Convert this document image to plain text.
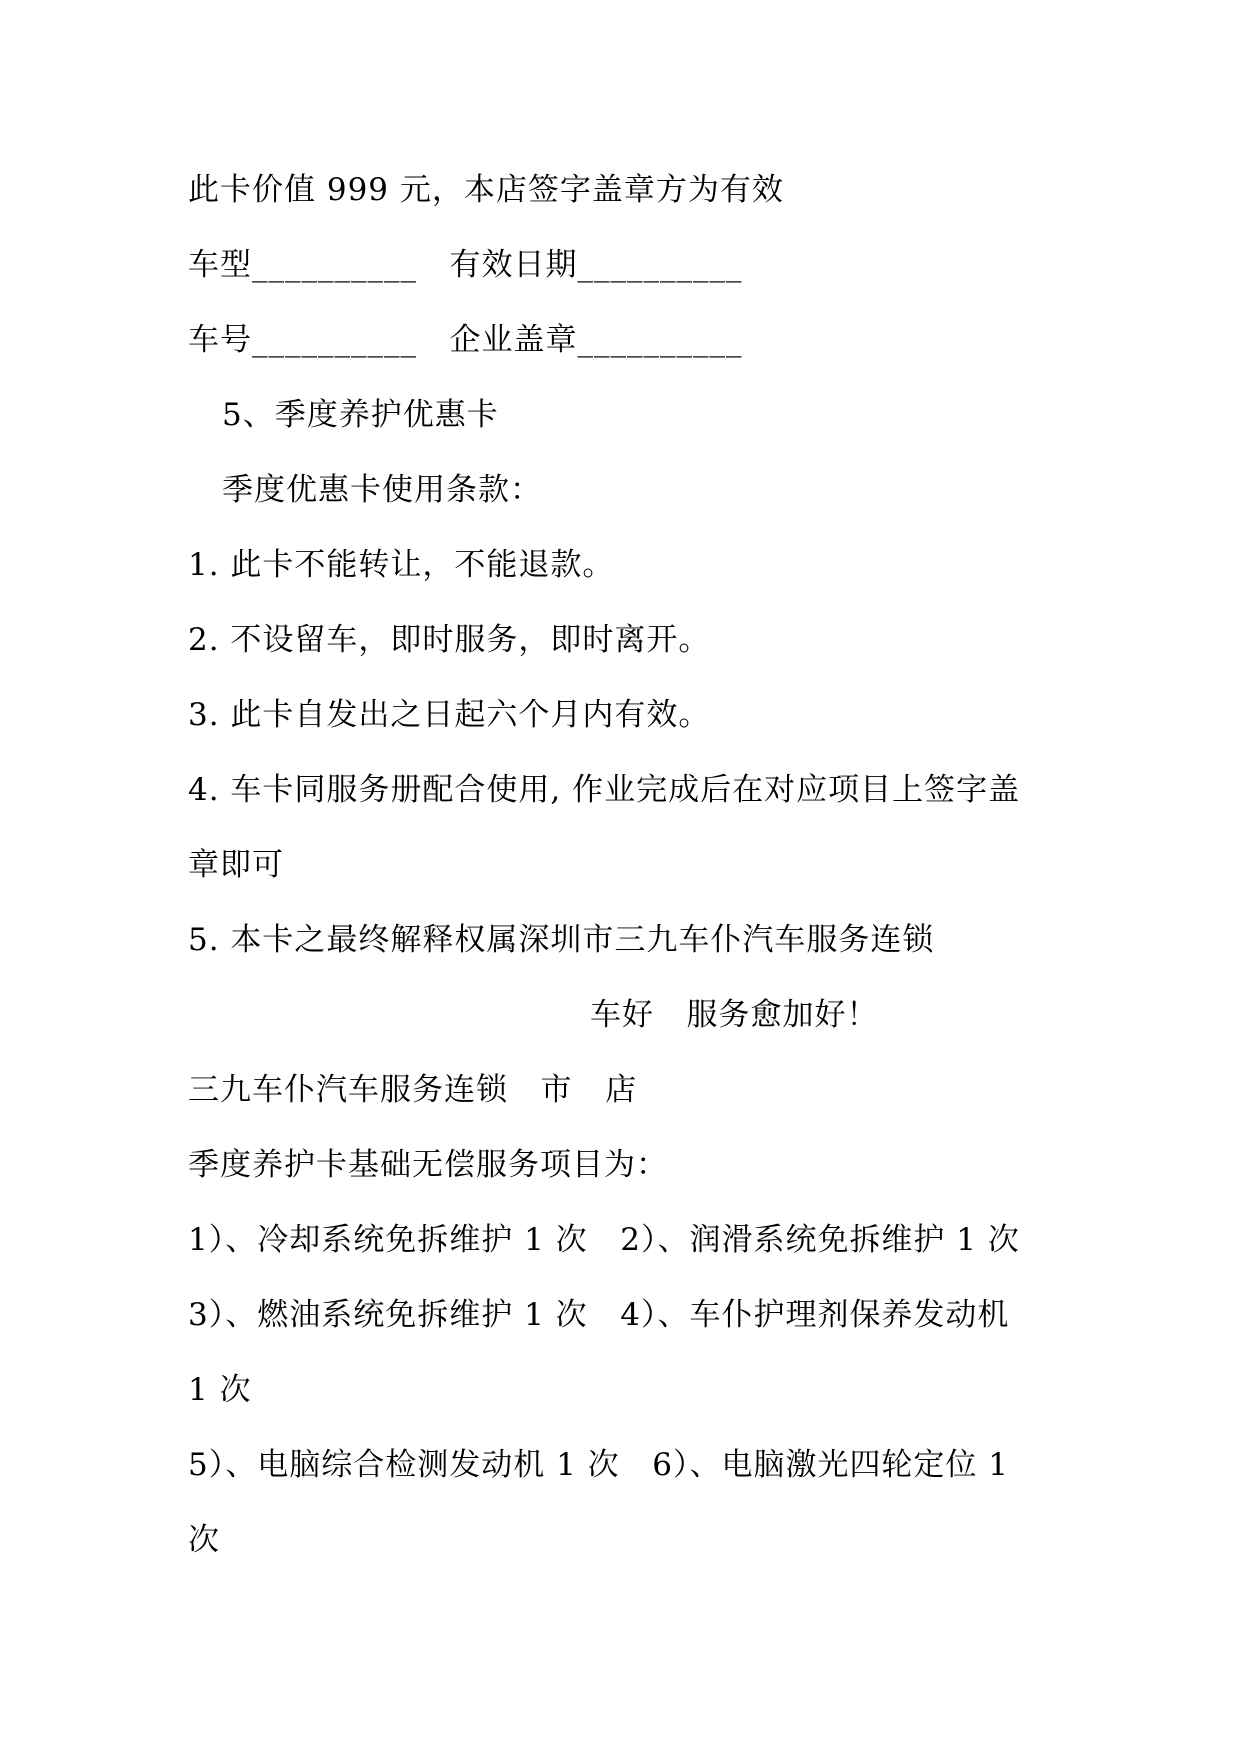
此卡价值 999 元，本店签字盖章方为有效

车型__________   有效日期__________

车号__________   企业盖章__________

5、季度养护优惠卡

季度优惠卡使用条款：

1. 此卡不能转让，不能退款。

2. 不设留车，即时服务，即时离开。

3. 此卡自发出之日起六个月内有效。

4. 车卡同服务册配合使用, 作业完成后在对应项目上签字盖

章即可

5. 本卡之最终解释权属深圳市三九车仆汽车服务连锁

车好   服务愈加好！

三九车仆汽车服务连锁   市   店

季度养护卡基础无偿服务项目为：

1）、冷却系统免拆维护 1 次   2）、润滑系统免拆维护 1 次

3）、燃油系统免拆维护 1 次   4）、车仆护理剂保养发动机

1 次

5）、电脑综合检测发动机 1 次   6）、电脑激光四轮定位 1

次
